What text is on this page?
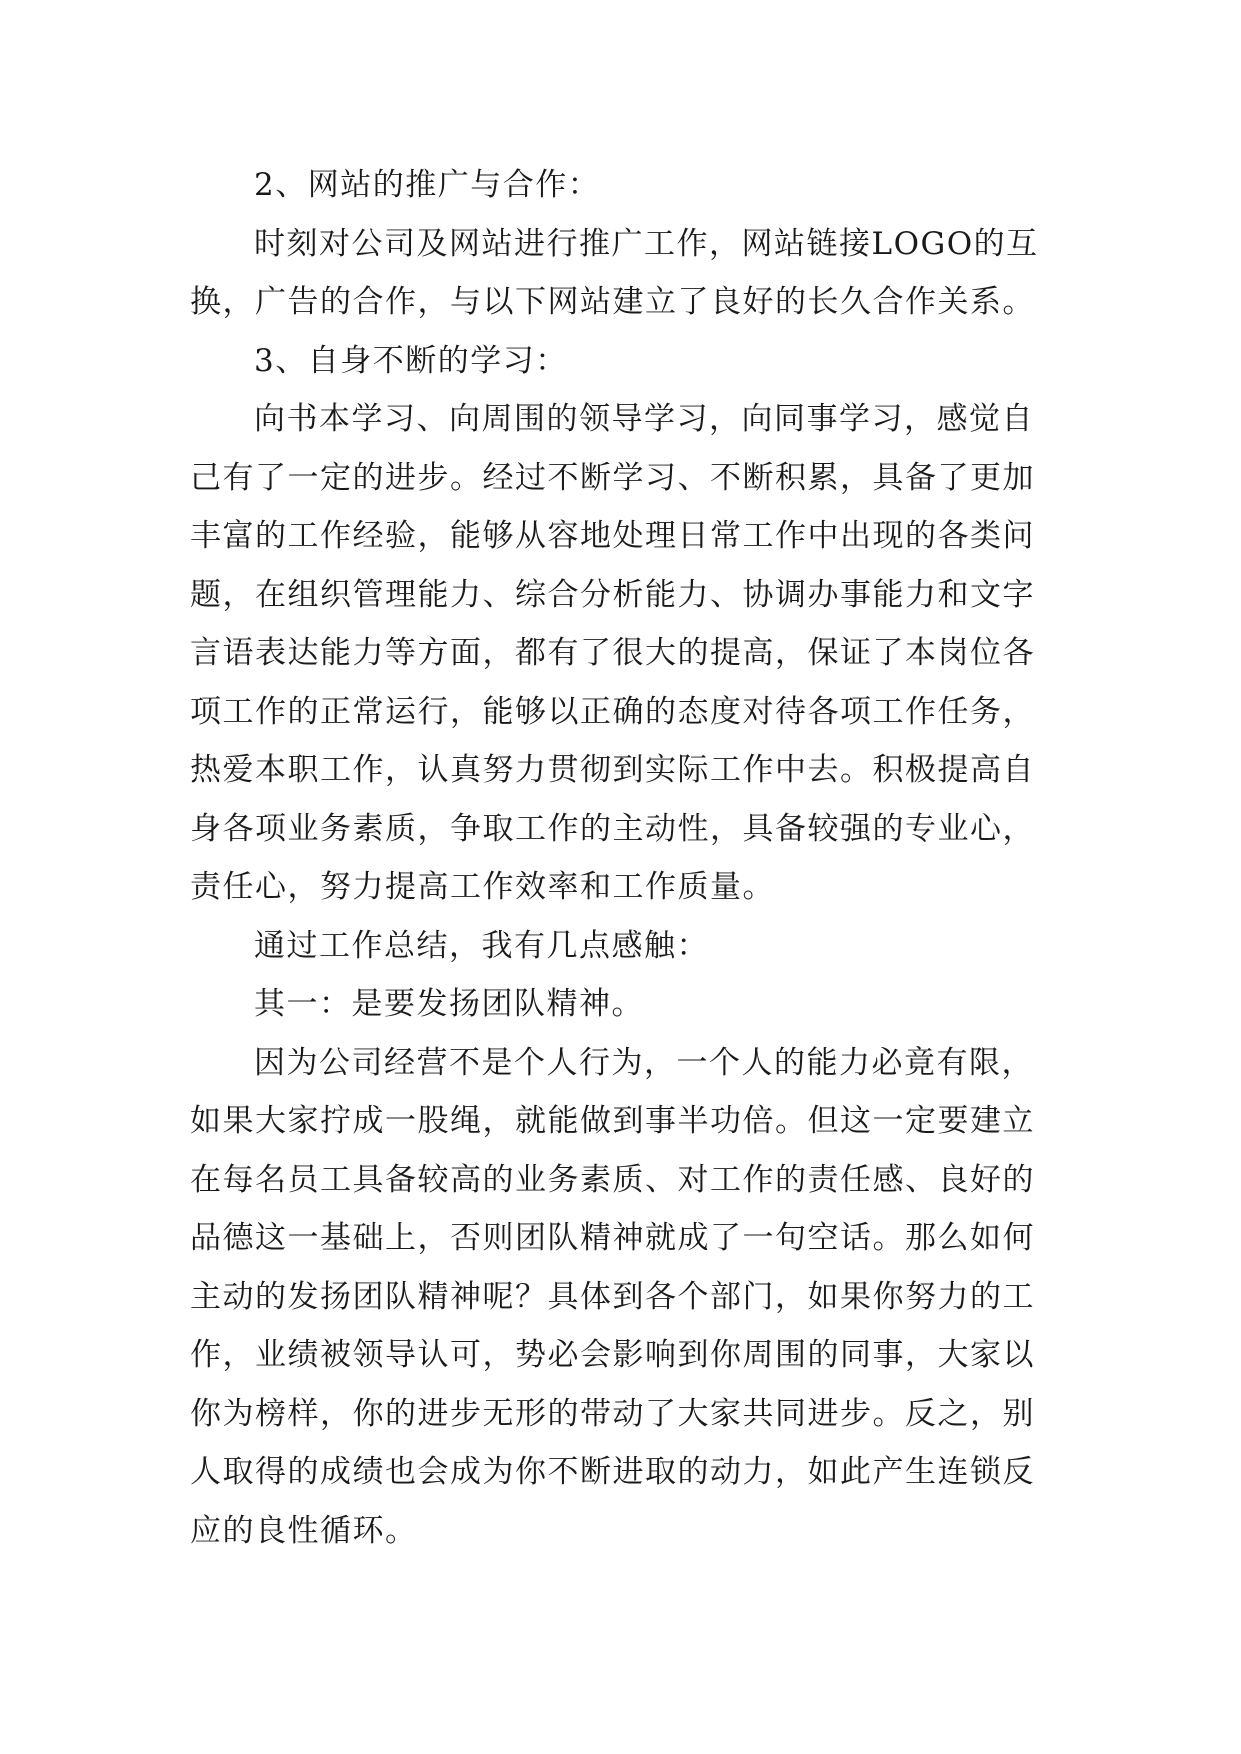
2、网站的推广与合作：
时刻对公司及网站进行推广工作，网站链接LOGO的互
换，广告的合作，与以下网站建立了良好的长久合作关系。
3、自身不断的学习：
向书本学习、向周围的领导学习，向同事学习，感觉自
己有了一定的进步。经过不断学习、不断积累，具备了更加
丰富的工作经验，能够从容地处理日常工作中出现的各类问
题，在组织管理能力、综合分析能力、协调办事能力和文字
言语表达能力等方面，都有了很大的提高，保证了本岗位各
项工作的正常运行，能够以正确的态度对待各项工作任务，
热爱本职工作，认真努力贯彻到实际工作中去。积极提高自
身各项业务素质，争取工作的主动性，具备较强的专业心，
责任心，努力提高工作效率和工作质量。
通过工作总结，我有几点感触：
其一：是要发扬团队精神。
因为公司经营不是个人行为，一个人的能力必竟有限，
如果大家拧成一股绳，就能做到事半功倍。但这一定要建立
在每名员工具备较高的业务素质、对工作的责任感、良好的
品德这一基础上，否则团队精神就成了一句空话。那么如何
主动的发扬团队精神呢？具体到各个部门，如果你努力的工
作，业绩被领导认可，势必会影响到你周围的同事，大家以
你为榜样，你的进步无形的带动了大家共同进步。反之，别
人取得的成绩也会成为你不断进取的动力，如此产生连锁反
应的良性循环。
